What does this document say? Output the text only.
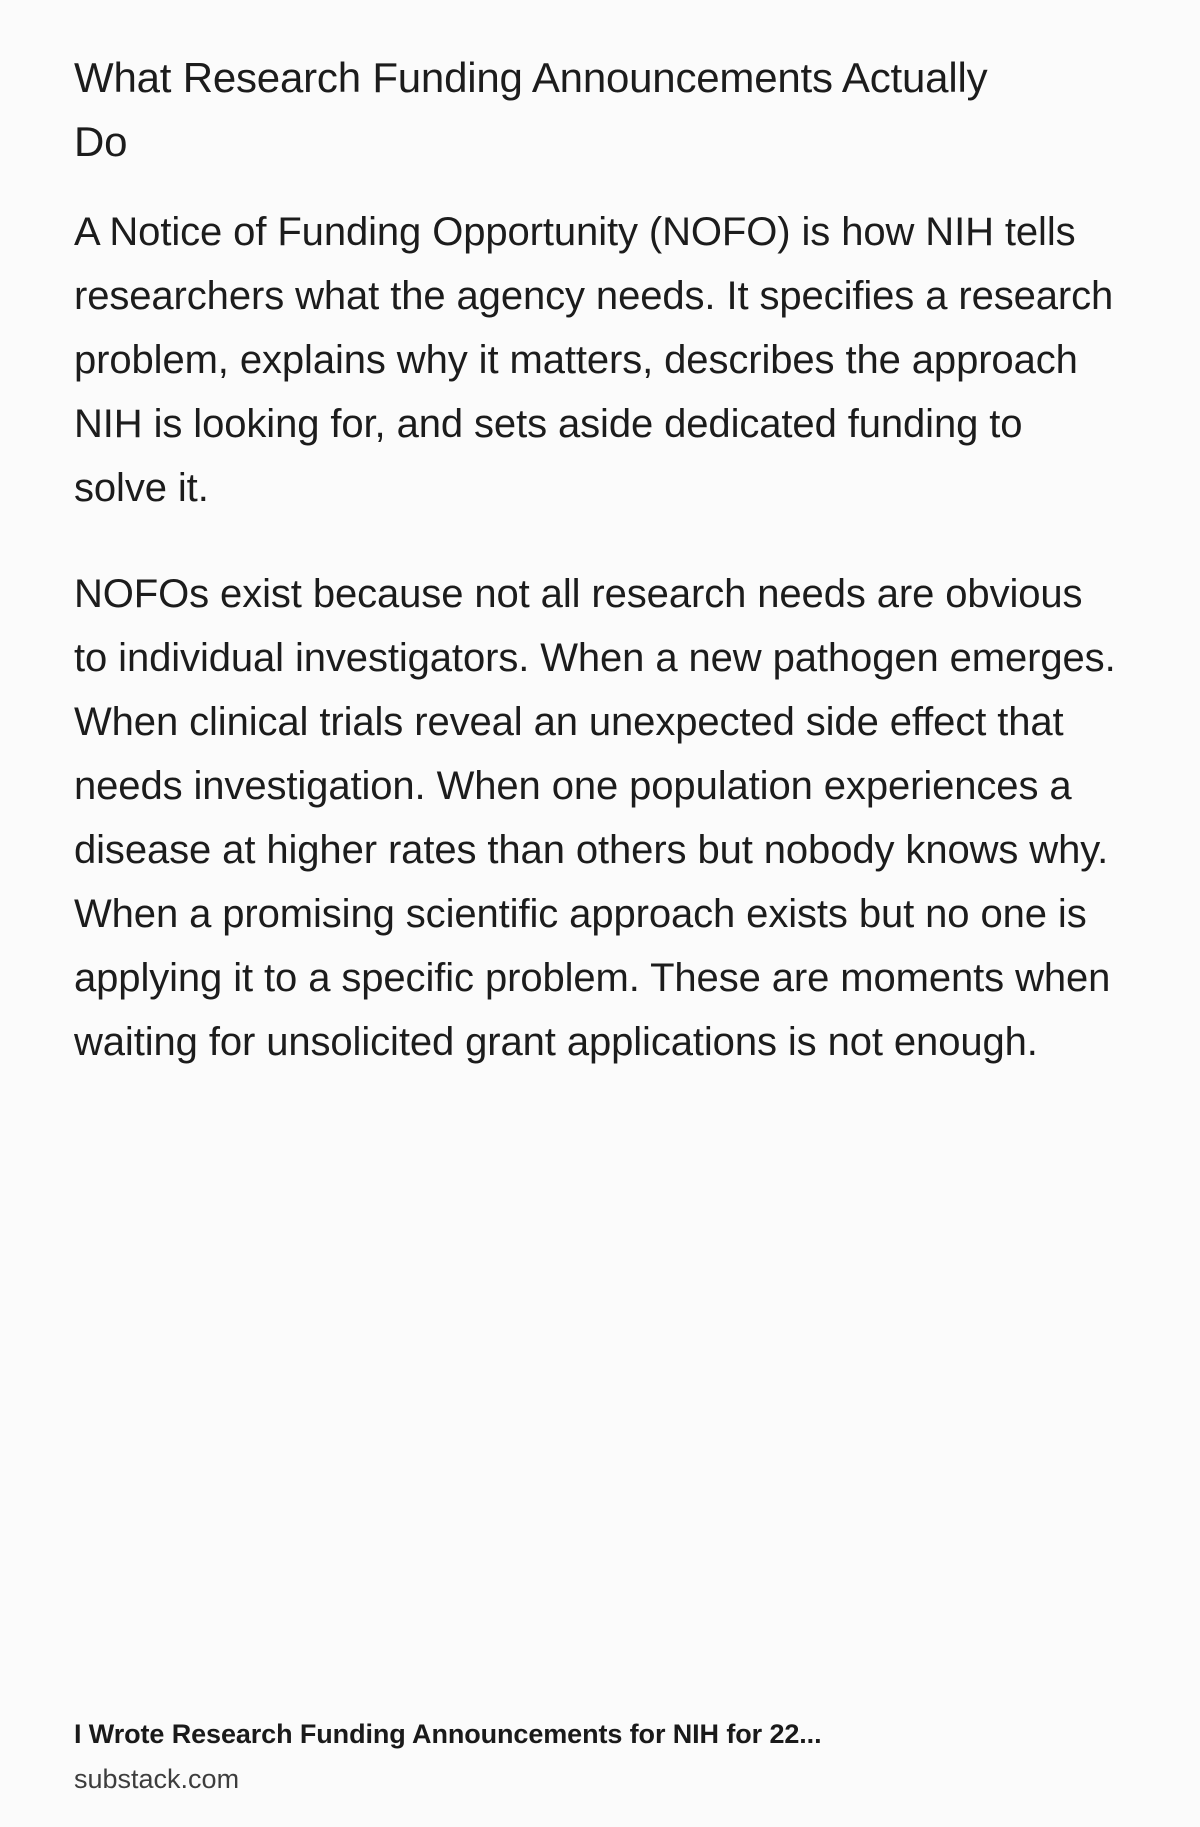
What Research Funding Announcements Actually Do

A Notice of Funding Opportunity (NOFO) is how NIH tells researchers what the agency needs. It specifies a research problem, explains why it matters, describes the approach NIH is looking for, and sets aside dedicated funding to solve it.

NOFOs exist because not all research needs are obvious to individual investigators. When a new pathogen emerges. When clinical trials reveal an unexpected side effect that needs investigation. When one population experiences a disease at higher rates than others but nobody knows why. When a promising scientific approach exists but no one is applying it to a specific problem. These are moments when waiting for unsolicited grant applications is not enough.

I Wrote Research Funding Announcements for NIH for 22...
substack.com
